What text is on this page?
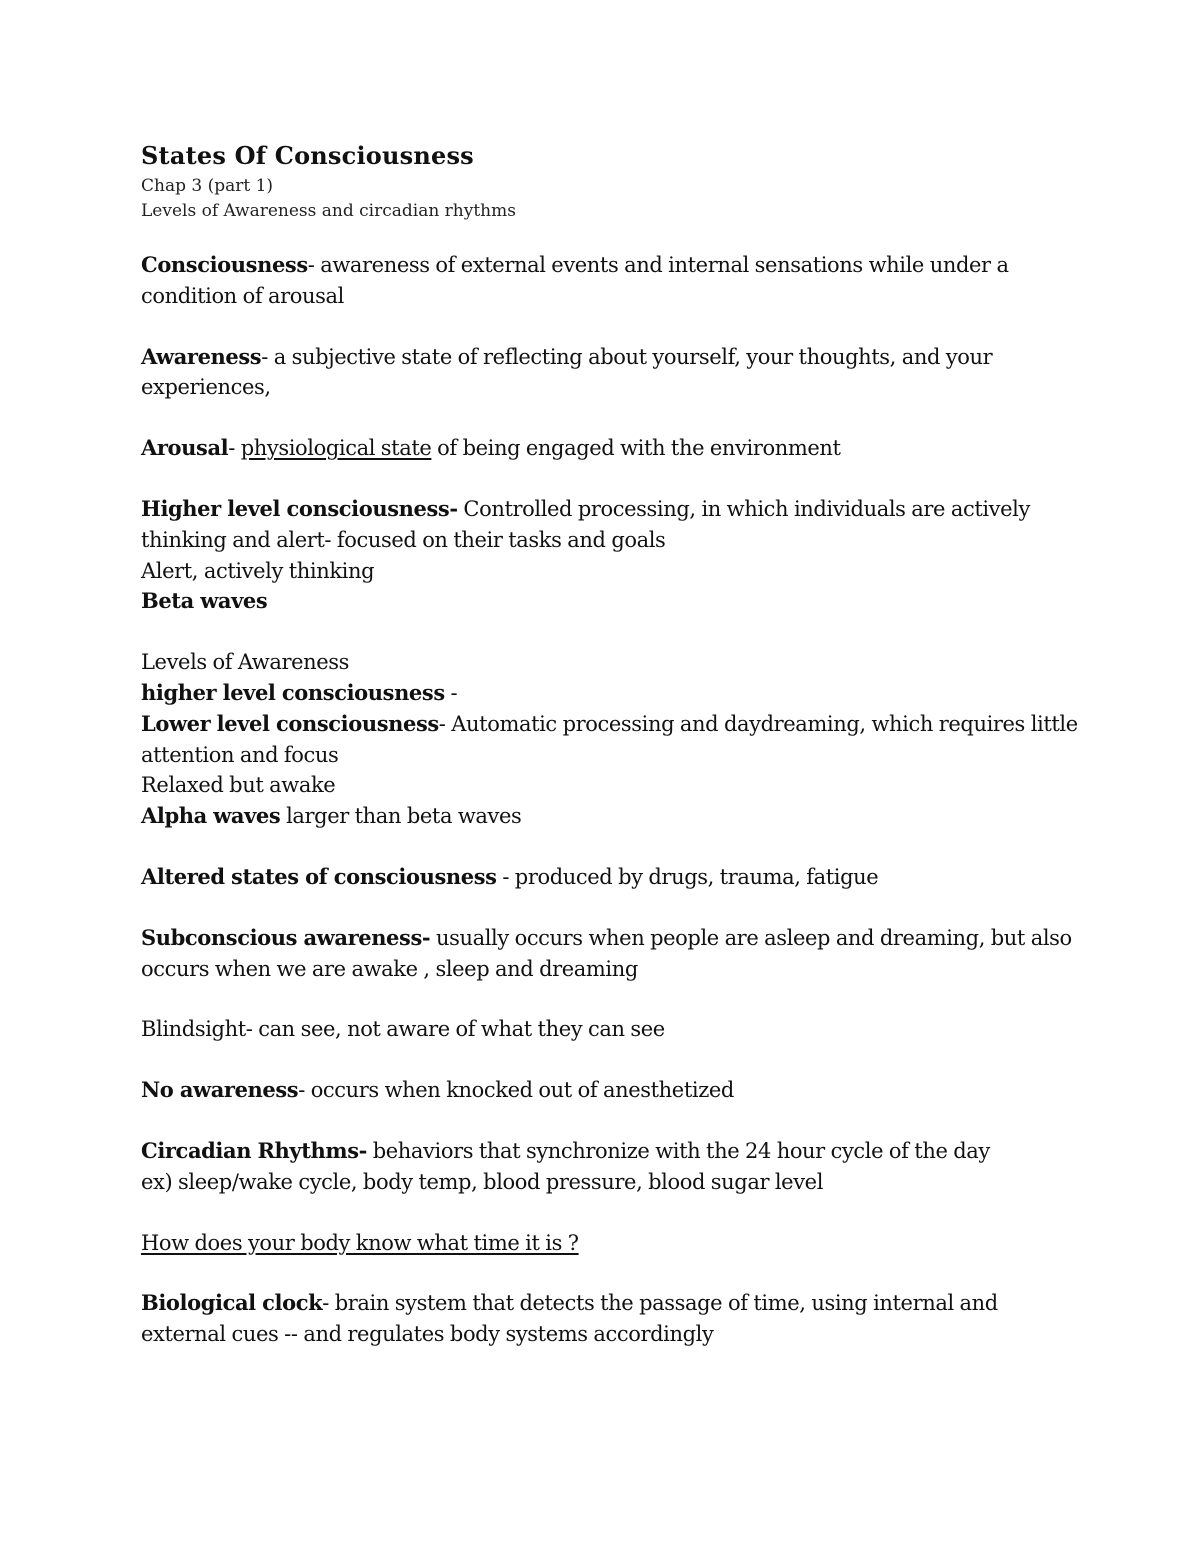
States Of Consciousness

Chap 3 (part 1)

Levels of Awareness and circadian rhythms

Consciousness- awareness of external events and internal sensations while under a condition of arousal

Awareness- a subjective state of reflecting about yourself, your thoughts, and your experiences,

Arousal- physiological state of being engaged with the environment

Higher level consciousness- Controlled processing, in which individuals are actively thinking and alert- focused on their tasks and goals

Alert, actively thinking

Beta waves

Levels of Awareness

higher level consciousness -

Lower level consciousness- Automatic processing and daydreaming, which requires little attention and focus

Relaxed but awake

Alpha waves larger than beta waves

Altered states of consciousness - produced by drugs, trauma, fatigue

Subconscious awareness- usually occurs when people are asleep and dreaming, but also occurs when we are awake , sleep and dreaming

Blindsight- can see, not aware of what they can see

No awareness- occurs when knocked out of anesthetized

Circadian Rhythms- behaviors that synchronize with the 24 hour cycle of the day

ex) sleep/wake cycle, body temp, blood pressure, blood sugar level

How does your body know what time it is ?

Biological clock- brain system that detects the passage of time, using internal and external cues -- and regulates body systems accordingly
